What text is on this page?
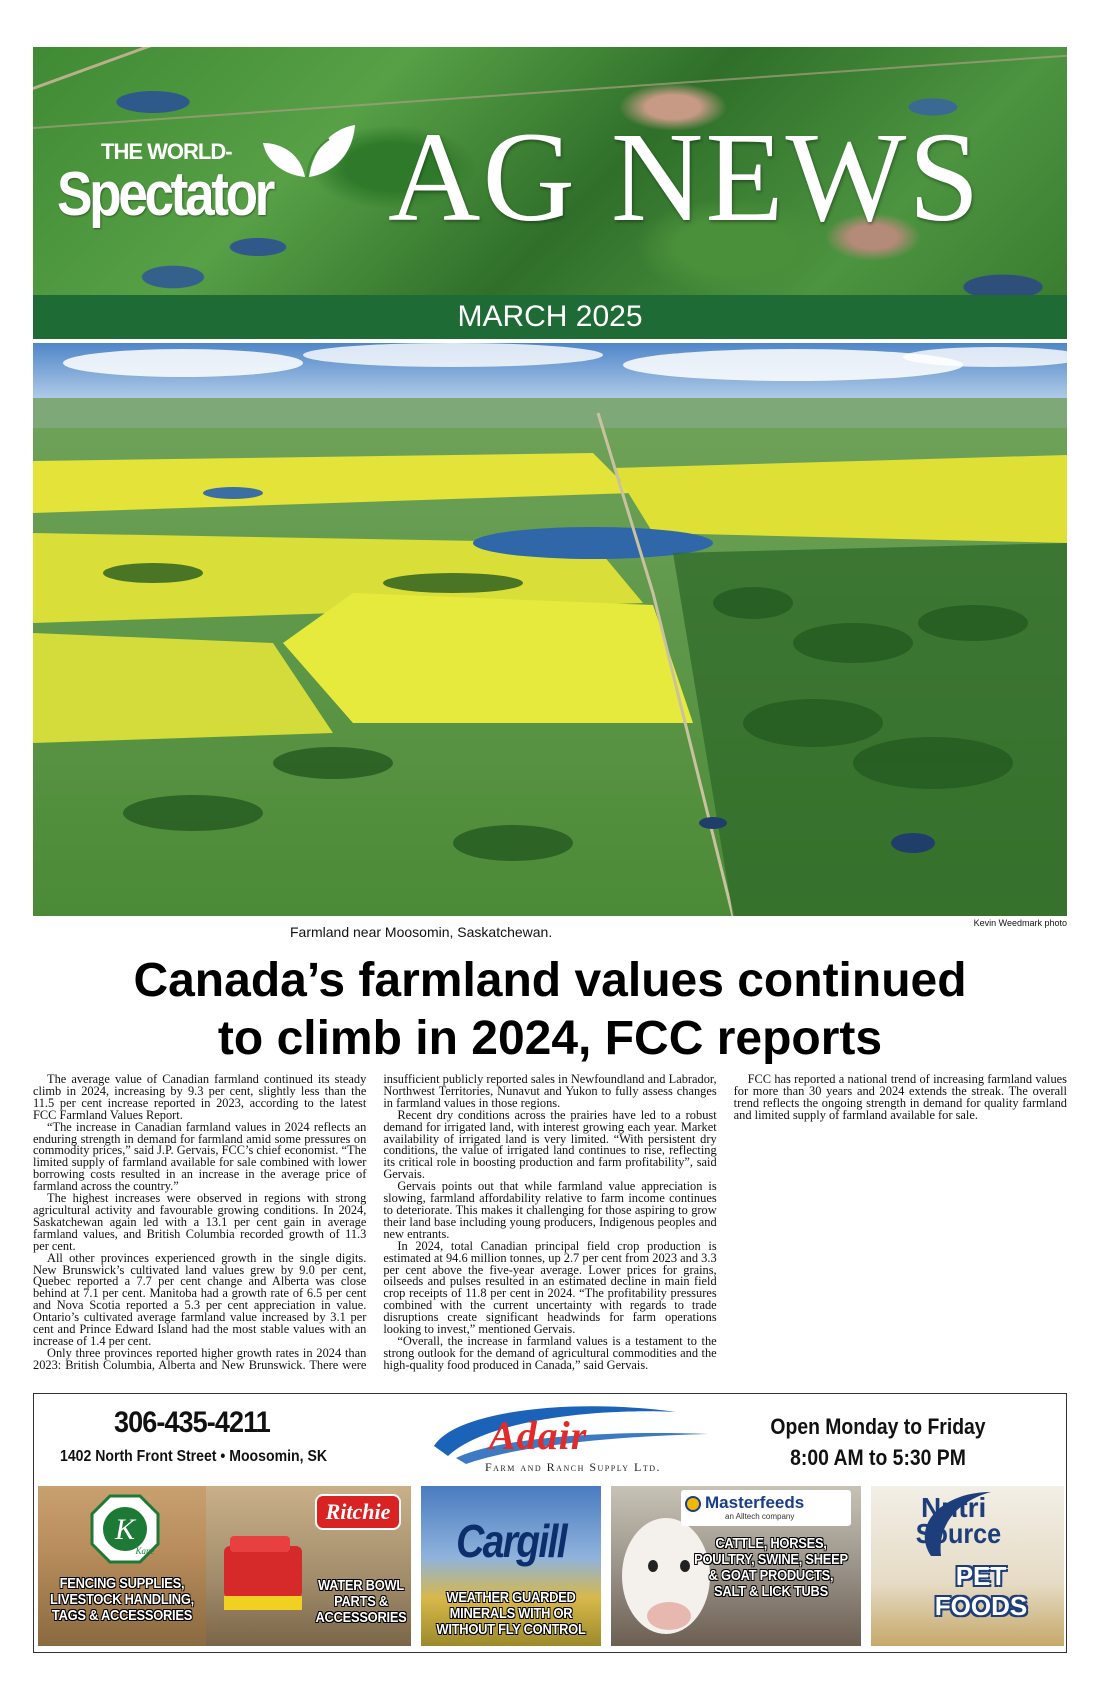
THE WORLD-
Spectator AG NEWS
MARCH 2025
Farmland near Moosomin, Saskatchewan.
Kevin Weedmark photo
Canada’s farmland values continued
to climb in 2024, FCC reports

The average value of Canadian farmland continued its steady climb in 2024, increasing by 9.3 per cent, slightly less than the 11.5 per cent increase reported in 2023, according to the latest FCC Farmland Values Report.

“The increase in Canadian farmland values in 2024 reflects an enduring strength in demand for farmland amid some pressures on commodity prices,” said J.P. Gervais, FCC’s chief economist. “The limited supply of farmland available for sale combined with lower borrowing costs resulted in an increase in the average price of farmland across the country.”

The highest increases were observed in regions with strong agricultural activity and favourable growing conditions. In 2024, Saskatchewan again led with a 13.1 per cent gain in average farmland values, and British Columbia recorded growth of 11.3 per cent.

All other provinces experienced growth in the single digits. New Brunswick’s cultivated land values grew by 9.0 per cent, Quebec reported a 7.7 per cent change and Alberta was close behind at 7.1 per cent. Manitoba had a growth rate of 6.5 per cent and Nova Scotia reported a 5.3 per cent appreciation in value. Ontario’s cultivated average farmland value increased by 3.1 per cent and Prince Edward Island had the most stable values with an increase of 1.4 per cent.

Only three provinces reported higher growth rates in 2024 than 2023: British Columbia, Alberta and New Brunswick. There were insufficient publicly reported sales in Newfoundland and Labrador, Northwest Territories, Nunavut and Yukon to fully assess changes in farmland values in those regions.

Recent dry conditions across the prairies have led to a robust demand for irrigated land, with interest growing each year. Market availability of irrigated land is very limited. “With persistent dry conditions, the value of irrigated land continues to rise, reflecting its critical role in boosting production and farm profitability”, said Gervais.

Gervais points out that while farmland value appreciation is slowing, farmland affordability relative to farm income continues to deteriorate. This makes it challenging for those aspiring to grow their land base including young producers, Indigenous peoples and new entrants.

In 2024, total Canadian principal field crop production is estimated at 94.6 million tonnes, up 2.7 per cent from 2023 and 3.3 per cent above the five-year average. Lower prices for grains, oilseeds and pulses resulted in an estimated decline in main field crop receipts of 11.8 per cent in 2024. “The profitability pressures combined with the current uncertainty with regards to trade disruptions create significant headwinds for farm operations looking to invest,” mentioned Gervais.

“Overall, the increase in farmland values is a testament to the strong outlook for the demand of agricultural commodities and the high-quality food produced in Canada,” said Gervais.

FCC has reported a national trend of increasing farmland values for more than 30 years and 2024 extends the streak. The overall trend reflects the ongoing strength in demand for quality farmland and limited supply of farmland available for sale.

306-435-4211
1402 North Front Street • Moosomin, SK	Adair
Farm and Ranch Supply Ltd.
Open Monday to Friday
8:00 AM to 5:30 PM
K
Kane
FENCING SUPPLIES,
LIVESTOCK HANDLING,
TAGS & ACCESSORIES
Ritchie
WATER BOWL
PARTS &
ACCESSORIES
Cargill
WEATHER GUARDED
MINERALS WITH OR
WITHOUT FLY CONTROL
Masterfeeds
an Alltech company
CATTLE, HORSES,
POULTRY, SWINE, SHEEP
& GOAT PRODUCTS,
SALT & LICK TUBS
Nutri
Source
PET
FOODS
